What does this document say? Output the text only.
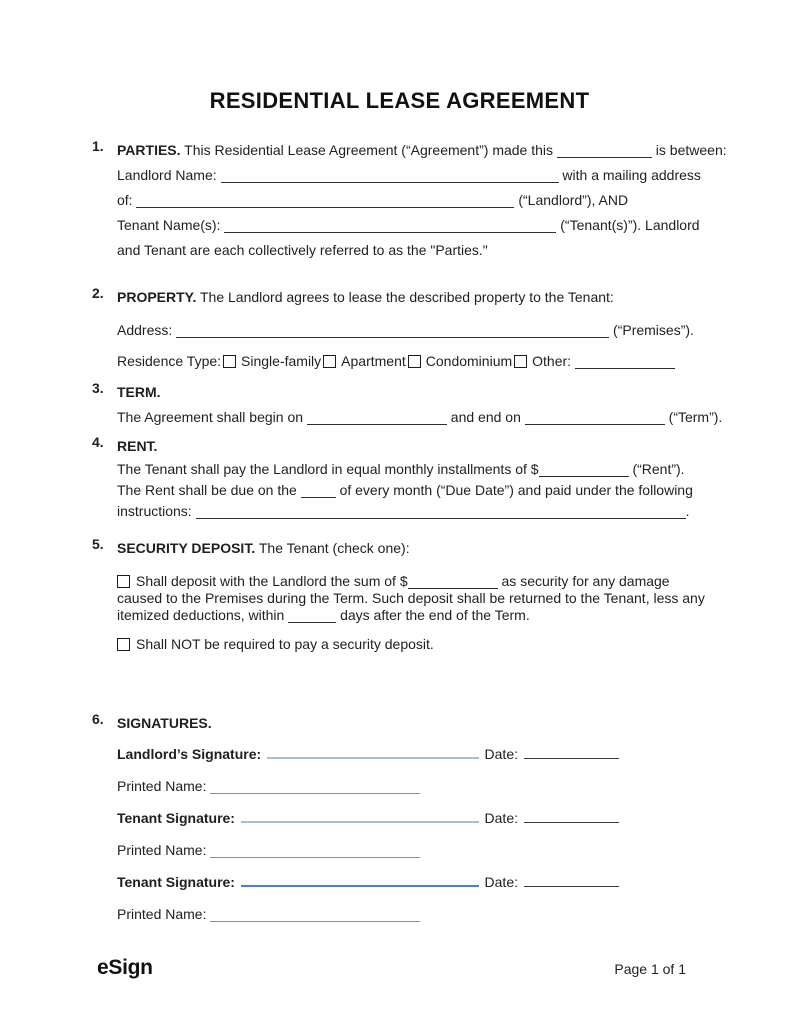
RESIDENTIAL LEASE AGREEMENT
1. PARTIES. This Residential Lease Agreement (“Agreement”) made this	is between:
Landlord Name:	with a mailing address
of:	(“Landlord”), AND
Tenant Name(s):	(“Tenant(s)”). Landlord
and Tenant are each collectively referred to as the "Parties."
2. PROPERTY. The Landlord agrees to lease the described property to the Tenant:
Address:	(“Premises”).
Residence Type: Single-family Apartment Condominium Other:
3. TERM.
The Agreement shall begin on	and end on	(“Term”).
4. RENT.
The Tenant shall pay the Landlord in equal monthly installments of $	(“Rent”). The Rent shall be due on the	of every month (“Due Date”) and paid under the following instructions:	.
5. SECURITY DEPOSIT. The Tenant (check one):
Shall deposit with the Landlord the sum of $	as security for any damage caused to the Premises during the Term. Such deposit shall be returned to the Tenant, less any itemized deductions, within	days after the end of the Term.
Shall NOT be required to pay a security deposit.
6. SIGNATURES.
Landlord’s Signature:	Date:
Printed Name:
Tenant Signature:	Date:
Printed Name:
Tenant Signature:	Date:
Printed Name:
eSign	Page 1 of 1
